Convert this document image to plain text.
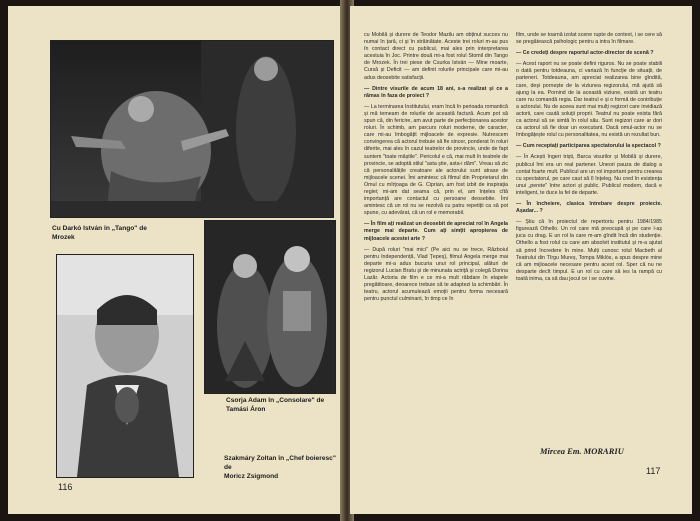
Cu Darkó István în „Tango" de
Mrozek
Csorja Adam în „Consolare" de
Tamási Áron
Szakmáry Zoltan în „Chef boieresc" de
Moricz Zsigmond
116

cu Mobilă și durere de Teodor Mazilu am obținut succes nu numai în țară, ci și în străinătate. Aceste trei roluri m-au pus în contact direct cu publicul, mai ales prin interpretarea acestuia în Joc. Printre două mi-a fost rolul Stomil din Tango de Mrozek. În trei piese de Csurka István — Mine moarte, Cursă și Deficit — am definit rolurile principale care mi-au adus deosebite satisfacții.

— Dintre visurile de acum 18 ani, s-a realizat și ce a rămas în faza de proiect ?

— La terminarea Institutului, eram încă în perioada romantică și mă temeam de rolurile de această factură. Acum pot să spun că, din fericire, am avut parte de perfecționarea acestor roluri. În schimb, am parcurs roluri moderne, de caracter, care mi-au îmbogățit mijloacele de expresie. Nutrescem convingerea că actorul trebuie să fie sincer, ponderat în roluri diferite, mai ales în cazul teatrelor de provincie, unde de fapt suntem "toate măștile". Pericolul e că, mai mult în teatrele de provincie, se adoptă stilul "asta știe, asta-i dăm". Vreau să zic că personalitățile creatoare ale actorului sunt atrase de mijloacele scenei. Îmi amintesc că filmul din Proprietarul din Omul cu mîrțoaga de G. Ciprian, am fost izbit de inspirația regiei; mi-am dat seama că, prin el, am înțeles cîtă importanță are contactul cu persoane deosebite. Îmi amintesc că un rol nu se rezolvă cu patru repetiții ca să pot spune, cu adevărat, că un rol e memorabil.

— În film ați realizat un deosebit de apreciat rol în Angela merge mai departe. Cum ați simțit apropierea de mijloacele acestei arte ?

— După roluri "mai mici" (Pe aici nu se trece, Războiul pentru Independență, Vlad Țepeș), filmul Angela merge mai departe mi-a adus bucuria unui rol principal, alături de regizorul Lucian Bratu și de minunata actriță și colegă Dorina Lazăr. Actoria de film e ce mi-a mult răbdare în etapele pregătitoare, deoarece trebuie să te adaptezi la schimbări. În teatru, actorul acumulează emoții pentru forma necesară pentru punctul culminant, în timp ce în

film, unde se toarnă izolat scene rupte de context, i se cere să se pregătească psihologic pentru a intra în filmare.

— Ce credeți despre raportul actor-director de scenă ?

— Acest raport nu se poate defini riguros. Nu se poate stabili o dată pentru totdeauna, ci variază în funcție de situații, de parteneri. Totdeauna, am apreciat realizarea bine gîndită, care, deși pornește de la viziunea regizorului, mă ajută să ajung la ea. Pornind de la această viziune, există un teatru care nu comandă regia. Dar teatrul e și o formă de contribuție a actorului. Nu de aceea sunt mai mulți regizori care invidiază actorii, care caută soluții proprii. Teatrul nu poate exista fără ca actorul să se simtă în rolul său. Sunt regizori care ar dori ca actorul să fie doar un executant. Dacă omul-actor nu se îmbogățește rolul cu personalitatea, nu există un rezultat bun.

— Cum receptați participarea spectatorului la spectacol ?

— În Acești îngeri triști, Barca visurilor și Mobilă și durere, publicul îmi era un real partener. Uneori pauza de dialog a contat foarte mult. Publicul are un rol important pentru crearea cu spectatorul, pe care caut să îl înțeleg. Nu cred în existența unui „perete" între actori și public. Publicul modern, dacă e inteligent, te duce la fel de departe.

— În încheiere, clasica întrebare despre proiecte. Așadar... ?

— Știu că în proiectul de repertoriu pentru 1984/1985 figurează Othello. Un rol care mă preocupă și pe care l-aș juca cu drag. E un rol la care m-am gîndit încă din studenție. Othello a fost rolul cu care am absolvit institutul și m-a ajutat să prind încredere în mine. Mulți cunosc rolul Macbeth al Teatrului din Tîrgu Mureș, Tompa Miklós, a spus despre mine că am mijloacele necesare pentru acest rol. Sper că nu ne desparte decît timpul. E un rol cu care să ies la rampă cu toată inima, ca să dau jocul ce i se cuvine.

Mircea Em. MORARIU
117
